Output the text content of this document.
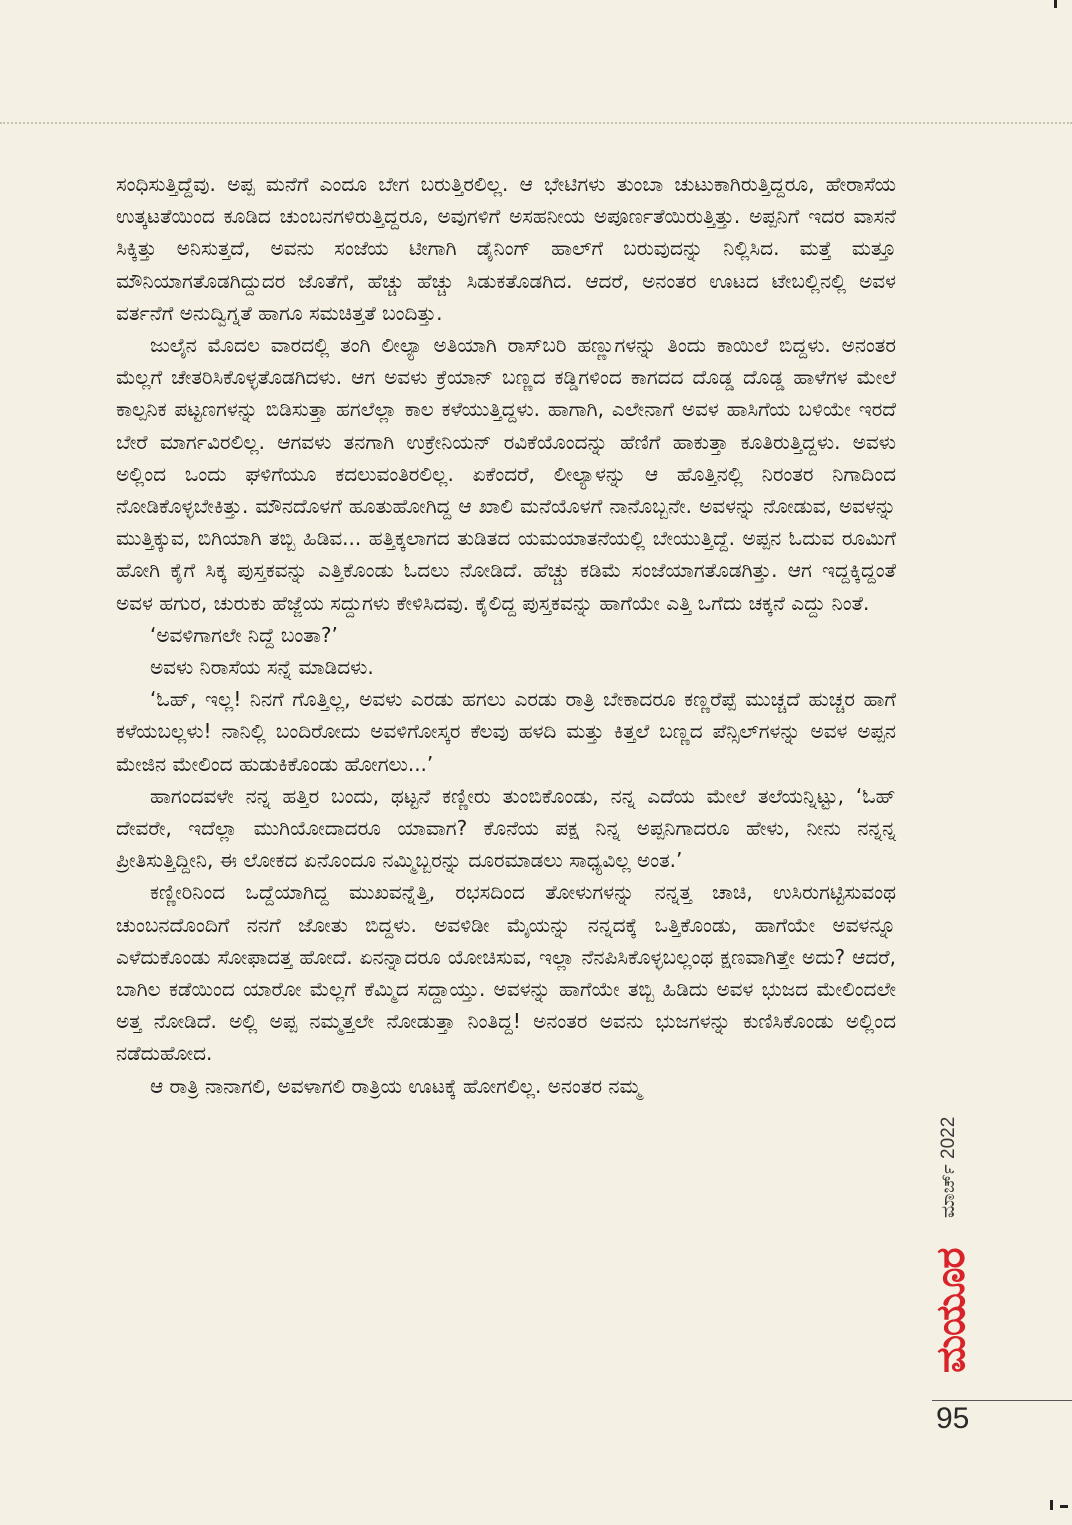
ಸಂಧಿಸುತ್ತಿದ್ದೆವು. ಅಪ್ಪ ಮನೆಗೆ ಎಂದೂ ಬೇಗ ಬರುತ್ತಿರಲಿಲ್ಲ. ಆ ಭೇಟಿಗಳು ತುಂಬಾ ಚುಟುಕಾಗಿರುತ್ತಿದ್ದರೂ, ಹೇರಾಸೆಯ ಉತ್ಕಟತೆಯಿಂದ ಕೂಡಿದ ಚುಂಬನಗಳಿರುತ್ತಿದ್ದರೂ, ಅವುಗಳಿಗೆ ಅಸಹನೀಯ ಅಪೂರ್ಣತೆಯಿರುತ್ತಿತ್ತು. ಅಪ್ಪನಿಗೆ ಇದರ ವಾಸನೆ ಸಿಕ್ಕಿತ್ತು ಅನಿಸುತ್ತದೆ, ಅವನು ಸಂಜೆಯ ಟೀಗಾಗಿ ಡೈನಿಂಗ್ ಹಾಲ್‌ಗೆ ಬರುವುದನ್ನು ನಿಲ್ಲಿಸಿದ. ಮತ್ತೆ ಮತ್ತೂ ಮೌನಿಯಾಗತೊಡಗಿದ್ದುದರ ಜೊತೆಗೆ, ಹೆಚ್ಚು ಹೆಚ್ಚು ಸಿಡುಕತೊಡಗಿದ. ಆದರೆ, ಅನಂತರ ಊಟದ ಟೇಬಲ್ಲಿನಲ್ಲಿ ಅವಳ ವರ್ತನೆಗೆ ಅನುದ್ವಿಗ್ನತೆ ಹಾಗೂ ಸಮಚಿತ್ತತೆ ಬಂದಿತ್ತು.

ಜುಲೈನ ಮೊದಲ ವಾರದಲ್ಲಿ ತಂಗಿ ಲೀಲ್ಯಾ ಅತಿಯಾಗಿ ರಾಸ್‌ಬರಿ ಹಣ್ಣುಗಳನ್ನು ತಿಂದು ಕಾಯಿಲೆ ಬಿದ್ದಳು. ಅನಂತರ ಮೆಲ್ಲಗೆ ಚೇತರಿಸಿಕೊಳ್ಳತೊಡಗಿದಳು. ಆಗ ಅವಳು ಕ್ರೆಯಾನ್ ಬಣ್ಣದ ಕಡ್ಡಿಗಳಿಂದ ಕಾಗದದ ದೊಡ್ಡ ದೊಡ್ಡ ಹಾಳೆಗಳ ಮೇಲೆ ಕಾಲ್ಪನಿಕ ಪಟ್ಟಣಗಳನ್ನು ಬಿಡಿಸುತ್ತಾ ಹಗಲೆಲ್ಲಾ ಕಾಲ ಕಳೆಯುತ್ತಿದ್ದಳು. ಹಾಗಾಗಿ, ಎಲೇನಾಗೆ ಅವಳ ಹಾಸಿಗೆಯ ಬಳಿಯೇ ಇರದೆ ಬೇರೆ ಮಾರ್ಗವಿರಲಿಲ್ಲ. ಆಗವಳು ತನಗಾಗಿ ಉಕ್ರೇನಿಯನ್ ರವಿಕೆಯೊಂದನ್ನು ಹೆಣಿಗೆ ಹಾಕುತ್ತಾ ಕೂತಿರುತ್ತಿದ್ದಳು. ಅವಳು ಅಲ್ಲಿಂದ ಒಂದು ಘಳಿಗೆಯೂ ಕದಲುವಂತಿರಲಿಲ್ಲ. ಏಕೆಂದರೆ, ಲೀಲ್ಯಾಳನ್ನು ಆ ಹೊತ್ತಿನಲ್ಲಿ ನಿರಂತರ ನಿಗಾದಿಂದ ನೋಡಿಕೊಳ್ಳಬೇಕಿತ್ತು. ಮೌನದೊಳಗೆ ಹೂತುಹೋಗಿದ್ದ ಆ ಖಾಲಿ ಮನೆಯೊಳಗೆ ನಾನೊಬ್ಬನೇ. ಅವಳನ್ನು ನೋಡುವ, ಅವಳನ್ನು ಮುತ್ತಿಕ್ಕುವ, ಬಿಗಿಯಾಗಿ ತಬ್ಬಿ ಹಿಡಿವ... ಹತ್ತಿಕ್ಕಲಾಗದ ತುಡಿತದ ಯಮಯಾತನೆಯಲ್ಲಿ ಬೇಯುತ್ತಿದ್ದೆ. ಅಪ್ಪನ ಓದುವ ರೂಮಿಗೆ ಹೋಗಿ ಕೈಗೆ ಸಿಕ್ಕ ಪುಸ್ತಕವನ್ನು ಎತ್ತಿಕೊಂಡು ಓದಲು ನೋಡಿದೆ. ಹೆಚ್ಚು ಕಡಿಮೆ ಸಂಜೆಯಾಗತೊಡಗಿತ್ತು. ಆಗ ಇದ್ದಕ್ಕಿದ್ದಂತೆ ಅವಳ ಹಗುರ, ಚುರುಕು ಹೆಜ್ಜೆಯ ಸದ್ದುಗಳು ಕೇಳಿಸಿದವು. ಕೈಲಿದ್ದ ಪುಸ್ತಕವನ್ನು ಹಾಗೆಯೇ ಎತ್ತಿ ಒಗೆದು ಚಕ್ಕನೆ ಎದ್ದು ನಿಂತೆ.

‘ಅವಳಿಗಾಗಲೇ ನಿದ್ದೆ ಬಂತಾ?’

ಅವಳು ನಿರಾಸೆಯ ಸನ್ನೆ ಮಾಡಿದಳು.

‘ಓಹ್, ಇಲ್ಲ! ನಿನಗೆ ಗೊತ್ತಿಲ್ಲ, ಅವಳು ಎರಡು ಹಗಲು ಎರಡು ರಾತ್ರಿ ಬೇಕಾದರೂ ಕಣ್ಣರೆಪ್ಪೆ ಮುಚ್ಚದೆ ಹುಚ್ಚರ ಹಾಗೆ ಕಳೆಯಬಲ್ಲಳು! ನಾನಿಲ್ಲಿ ಬಂದಿರೋದು ಅವಳಿಗೋಸ್ಕರ ಕೆಲವು ಹಳದಿ ಮತ್ತು ಕಿತ್ತಲೆ ಬಣ್ಣದ ಪೆನ್ಸಿಲ್‌ಗಳನ್ನು ಅವಳ ಅಪ್ಪನ ಮೇಜಿನ ಮೇಲಿಂದ ಹುಡುಕಿಕೊಂಡು ಹೋಗಲು...’

ಹಾಗಂದವಳೇ ನನ್ನ ಹತ್ತಿರ ಬಂದು, ಥಟ್ಟನೆ ಕಣ್ಣೀರು ತುಂಬಿಕೊಂಡು, ನನ್ನ ಎದೆಯ ಮೇಲೆ ತಲೆಯನ್ನಿಟ್ಟು, ‘ಓಹ್ ದೇವರೇ, ಇದೆಲ್ಲಾ ಮುಗಿಯೋದಾದರೂ ಯಾವಾಗ? ಕೊನೆಯ ಪಕ್ಷ ನಿನ್ನ ಅಪ್ಪನಿಗಾದರೂ ಹೇಳು, ನೀನು ನನ್ನನ್ನ ಪ್ರೀತಿಸುತ್ತಿದ್ದೀನಿ, ಈ ಲೋಕದ ಏನೊಂದೂ ನಮ್ಮಿಬ್ಬರನ್ನು ದೂರಮಾಡಲು ಸಾಧ್ಯವಿಲ್ಲ ಅಂತ.’

ಕಣ್ಣೀರಿನಿಂದ ಒದ್ದೆಯಾಗಿದ್ದ ಮುಖವನ್ನೆತ್ತಿ, ರಭಸದಿಂದ ತೋಳುಗಳನ್ನು ನನ್ನತ್ತ ಚಾಚಿ, ಉಸಿರುಗಟ್ಟಿಸುವಂಥ ಚುಂಬನದೊಂದಿಗೆ ನನಗೆ ಜೋತು ಬಿದ್ದಳು. ಅವಳಿಡೀ ಮೈಯನ್ನು ನನ್ನದಕ್ಕೆ ಒತ್ತಿಕೊಂಡು, ಹಾಗೆಯೇ ಅವಳನ್ನೂ ಎಳೆದುಕೊಂಡು ಸೋಫಾದತ್ತ ಹೋದೆ. ಏನನ್ನಾದರೂ ಯೋಚಿಸುವ, ಇಲ್ಲಾ ನೆನಪಿಸಿಕೊಳ್ಳಬಲ್ಲಂಥ ಕ್ಷಣವಾಗಿತ್ತೇ ಅದು? ಆದರೆ, ಬಾಗಿಲ ಕಡೆಯಿಂದ ಯಾರೋ ಮೆಲ್ಲಗೆ ಕೆಮ್ಮಿದ ಸದ್ದಾಯ್ತು. ಅವಳನ್ನು ಹಾಗೆಯೇ ತಬ್ಬಿ ಹಿಡಿದು ಅವಳ ಭುಜದ ಮೇಲಿಂದಲೇ ಅತ್ತ ನೋಡಿದೆ. ಅಲ್ಲಿ ಅಪ್ಪ ನಮ್ಮತ್ತಲೇ ನೋಡುತ್ತಾ ನಿಂತಿದ್ದ! ಅನಂತರ ಅವನು ಭುಜಗಳನ್ನು ಕುಣಿಸಿಕೊಂಡು ಅಲ್ಲಿಂದ ನಡೆದುಹೋದ.

ಆ ರಾತ್ರಿ ನಾನಾಗಲಿ, ಅವಳಾಗಲಿ ರಾತ್ರಿಯ ಊಟಕ್ಕೆ ಹೋಗಲಿಲ್ಲ. ಅನಂತರ ನಮ್ಮ

ಮಾರ್ಚ್ 2022
ಮಯೂರ
95
